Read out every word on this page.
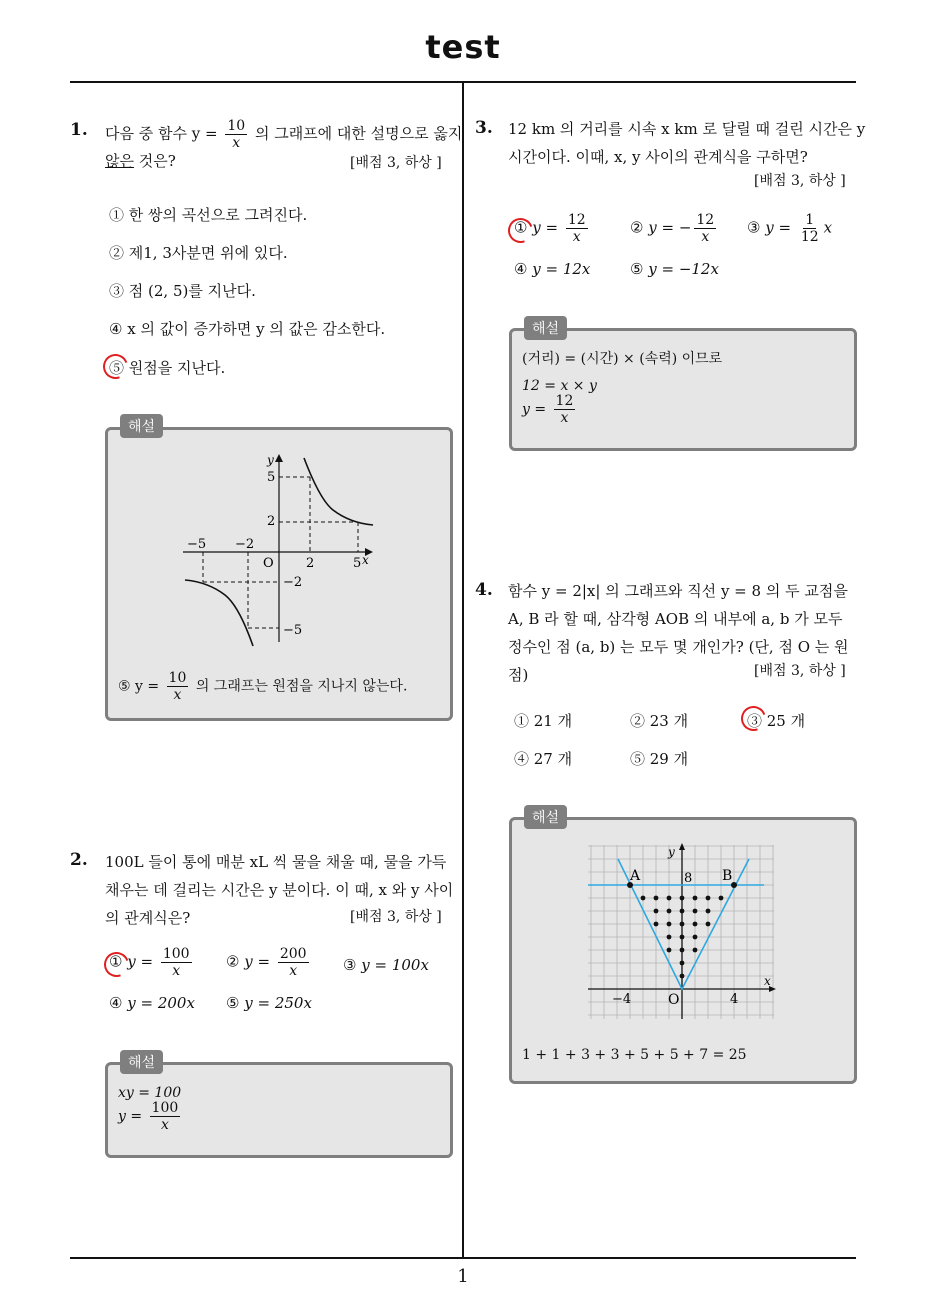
test
1
1. 다음 중 함수 $y = \frac{10}{x}$ 의 그래프에 대한 설명으로 옳지
않은 것은?	[배점 3, 하상 ]
① 한 쌍의 곡선으로 그려진다.
② 제1, 3사분면 위에 있다.
③ 점 (2, 5)를 지난다.
④ x 의 값이 증가하면 y 의 값은 감소한다.
⑤ 원점을 지난다.
해설
y
x
O
5
2
−2
−5
2	5
−2
−5
⑤ $y = \frac{10}{x}$ 의 그래프는 원점을 지나지 않는다.
2. 100L 들이 통에 매분 xL 씩 물을 채울 때, 물을 가득
채우는 데 걸리는 시간은 y 분이다. 이 때, x 와 y 사이
의 관계식은?	[배점 3, 하상 ]
① $y = \frac{100}{x}$ ② $y = \frac{200}{x}$ ③ y = 100x
④ y = 200x ⑤ y = 250x
해설
xy = 100
$y = \frac{100}{x}$
3. 12 km 의 거리를 시속 x km 로 달릴 때 걸린 시간은 y
시간이다. 이때, x, y 사이의 관계식을 구하면?
[배점 3, 하상 ]
① $y = \frac{12}{x}$	② y = − $\frac{12}{x}$ ③ $y = \frac{1}{12}$ x
④ y = 12x	⑤ y = −12x
해설
(거리) = (시간) × (속력) 이므로
12 = x × y
$y = \frac{12}{x}$
4. 함수 y = 2|x| 의 그래프와 직선 y = 8 의 두 교점을
A, B 라 할 때, 삼각형 AOB 의 내부에 a, b 가 모두
정수인 점 (a, b) 는 모두 몇 개인가? (단, 점 O 는 원
점)	[배점 3, 하상 ]
① 21 개	② 23 개	③ 25 개
④ 27 개	⑤ 29 개
해설
A	B
8
y
x
O
−4	4
1 + 1 + 3 + 3 + 5 + 5 + 7 = 25
